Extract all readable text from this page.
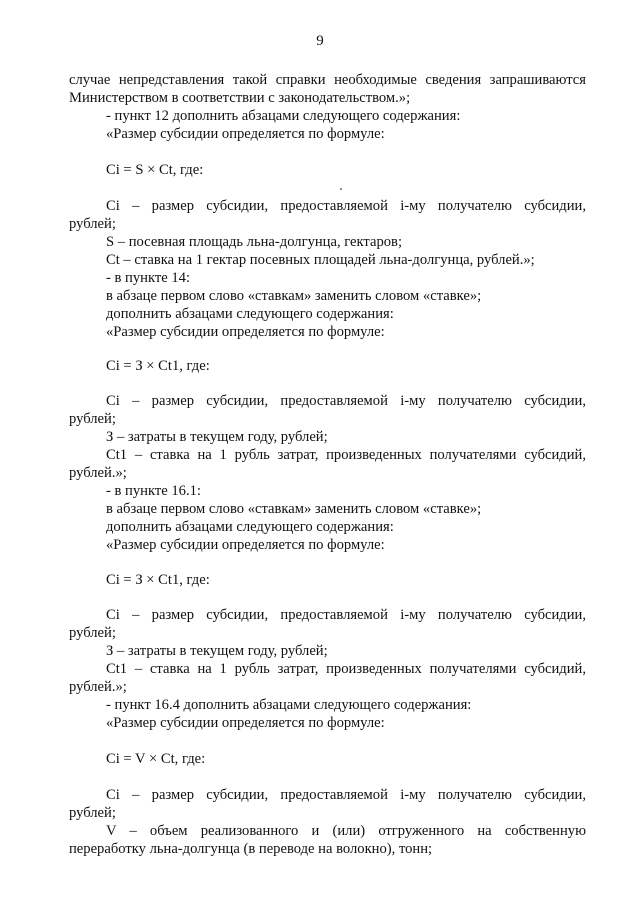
9
случае непредставления такой справки необходимые сведения запрашиваются
Министерством в соответствии с законодательством.»;
- пункт 12 дополнить абзацами следующего содержания:
«Размер субсидии определяется по формуле:
Ci = S × Ct, где:
Ci – размер субсидии, предоставляемой i-му получателю субсидии,
рублей;
S – посевная площадь льна-долгунца, гектаров;
Ct – ставка на 1 гектар посевных площадей льна-долгунца, рублей.»;
- в пункте 14:
в абзаце первом слово «ставкам» заменить словом «ставке»;
дополнить абзацами следующего содержания:
«Размер субсидии определяется по формуле:
Ci = З × Ct1, где:
Ci – размер субсидии, предоставляемой i-му получателю субсидии,
рублей;
З – затраты в текущем году, рублей;
Ct1 – ставка на 1 рубль затрат, произведенных получателями субсидий,
рублей.»;
- в пункте 16.1:
в абзаце первом слово «ставкам» заменить словом «ставке»;
дополнить абзацами следующего содержания:
«Размер субсидии определяется по формуле:
Ci = З × Ct1, где:
Ci – размер субсидии, предоставляемой i-му получателю субсидии,
рублей;
З – затраты в текущем году, рублей;
Ct1 – ставка на 1 рубль затрат, произведенных получателями субсидий,
рублей.»;
- пункт 16.4 дополнить абзацами следующего содержания:
«Размер субсидии определяется по формуле:
Ci = V × Ct, где:
Ci – размер субсидии, предоставляемой i-му получателю субсидии,
рублей;
V – объем реализованного и (или) отгруженного на собственную
переработку льна-долгунца (в переводе на волокно), тонн;
